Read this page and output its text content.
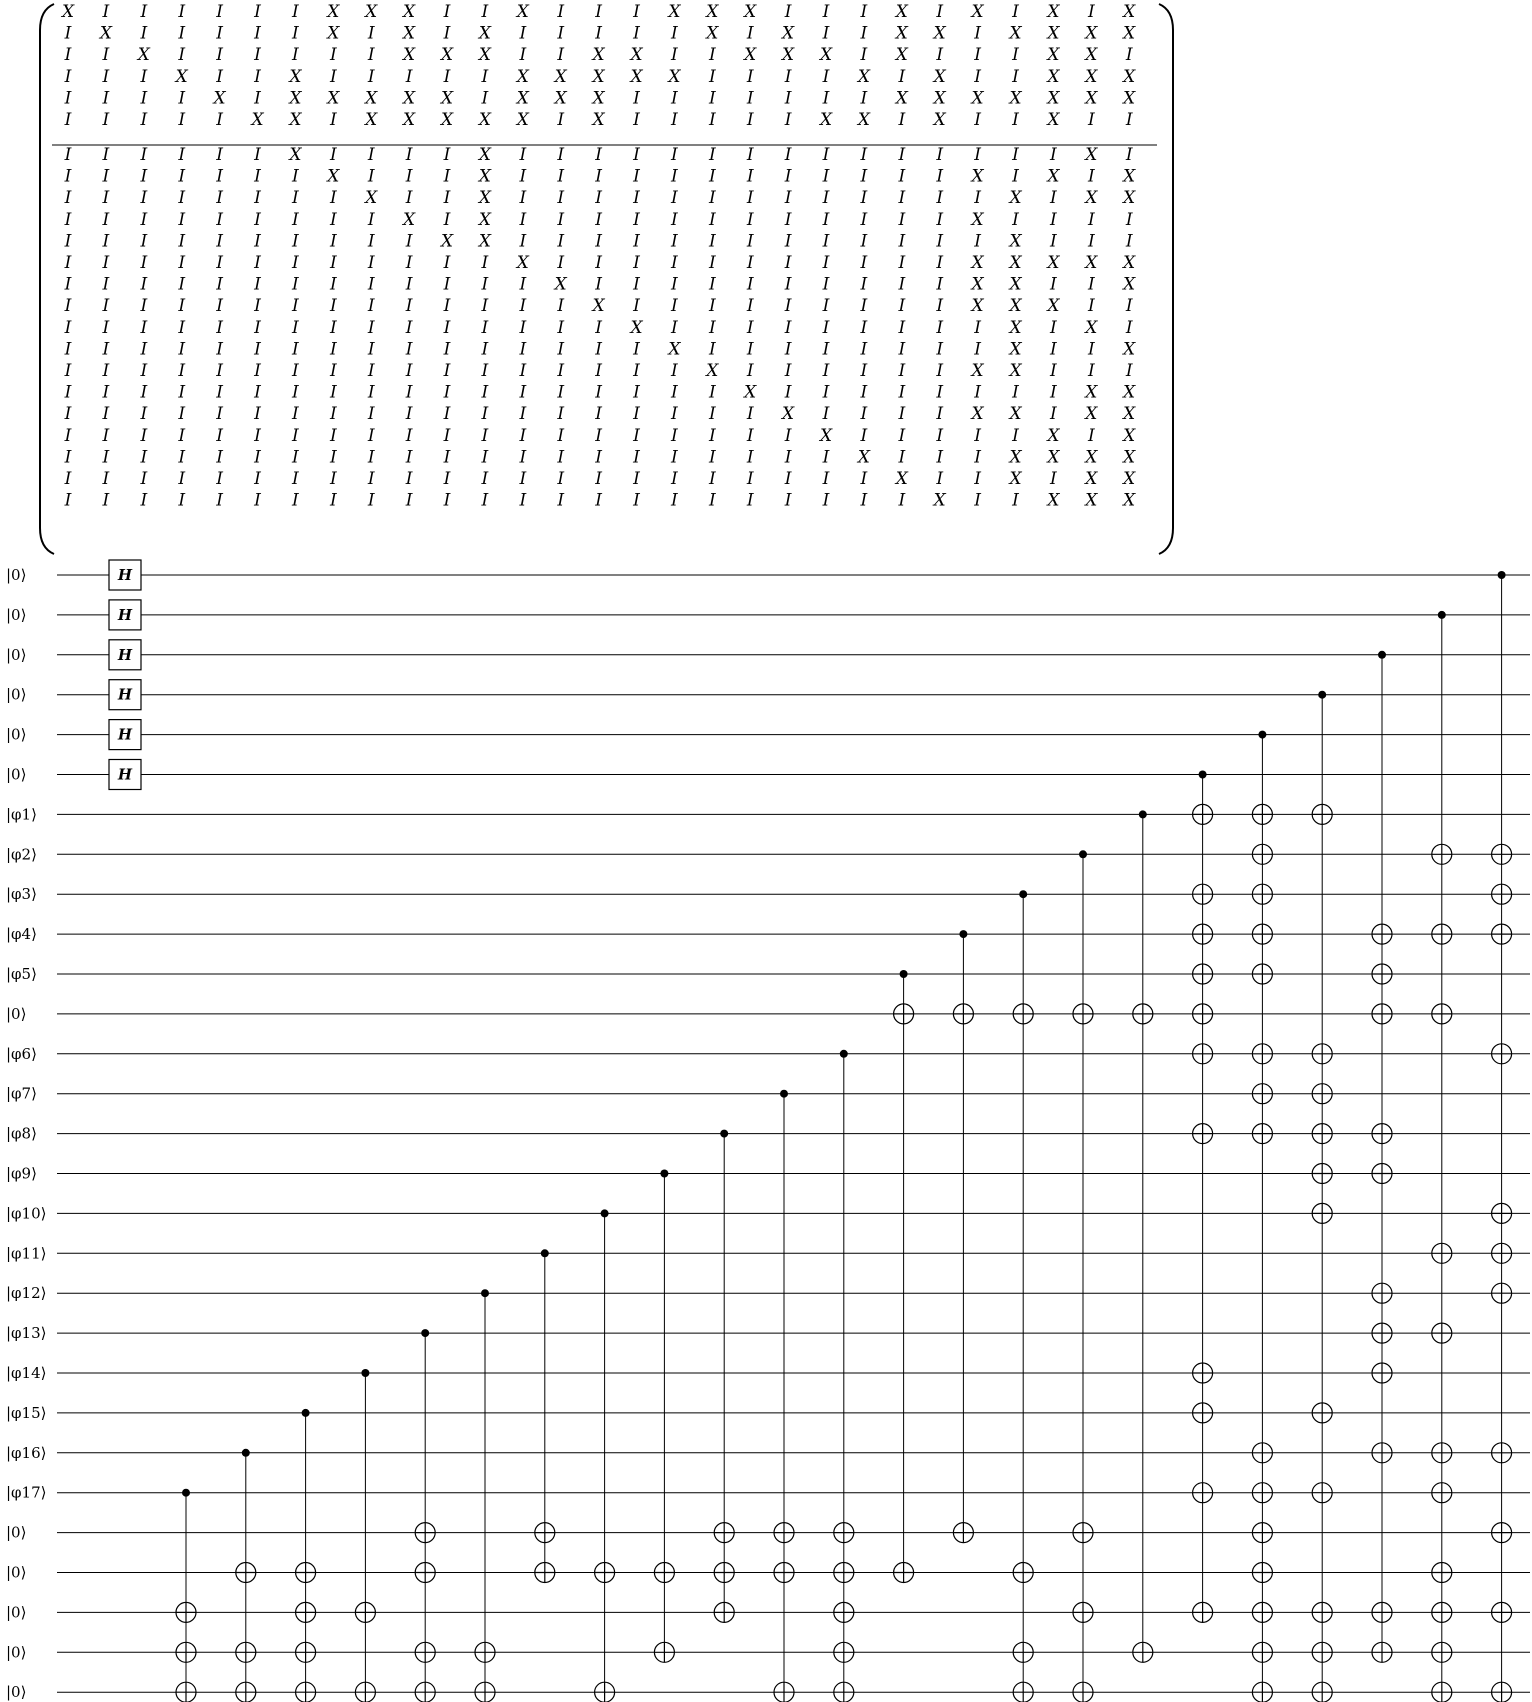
X I I I I I I X X X I I X I I I X X X I I I X I X I X I X
I X I I I I I X I X I X I I I I I X I X I I X X I X X X X
I I X I I I I I I X X X I I X X I I X X X I X I I I X X I
I I I X I I X I I I I I X X X X X I I I I X I X I I X X X
I I I I X I X X X X X I X X X I I I I I I I X X X X X X X
I I I I I X X I X X X X X I X I I I I I X X I X I I X I I
I I I I I I X I I I I X I I I I I I I I I I I I I I I X I
I I I I I I I X I I I X I I I I I I I I I I I I X I X I X
I I I I I I I I X I I X I I I I I I I I I I I I I X I X X
I I I I I I I I I X I X I I I I I I I I I I I I X I I I I
I I I I I I I I I I X X I I I I I I I I I I I I I X I I I
I I I I I I I I I I I I X I I I I I I I I I I I X X X X X
I I I I I I I I I I I I I X I I I I I I I I I I X X I I X
I I I I I I I I I I I I I I X I I I I I I I I I X X X I I
I I I I I I I I I I I I I I I X I I I I I I I I I X I X I
I I I I I I I I I I I I I I I I X I I I I I I I I X I I X
I I I I I I I I I I I I I I I I I X I I I I I I X X I I I
I I I I I I I I I I I I I I I I I I X I I I I I I I I X X
I I I I I I I I I I I I I I I I I I I X I I I I X X I X X
I I I I I I I I I I I I I I I I I I I I X I I I I I X I X
I I I I I I I I I I I I I I I I I I I I I X I I I X X X X
I I I I I I I I I I I I I I I I I I I I I I X I I X I X X
I I I I I I I I I I I I I I I I I I I I I I I X I I X X X
H
H
H
H
H
H
|0⟩
|0⟩
|0⟩
|0⟩
|0⟩
|0⟩
|φ1⟩
|φ2⟩
|φ3⟩
|φ4⟩
|φ5⟩
|0⟩
|φ6⟩
|φ7⟩
|φ8⟩
|φ9⟩
|φ10⟩
|φ11⟩
|φ12⟩
|φ13⟩
|φ14⟩
|φ15⟩
|φ16⟩
|φ17⟩
|0⟩
|0⟩
|0⟩
|0⟩
|0⟩
